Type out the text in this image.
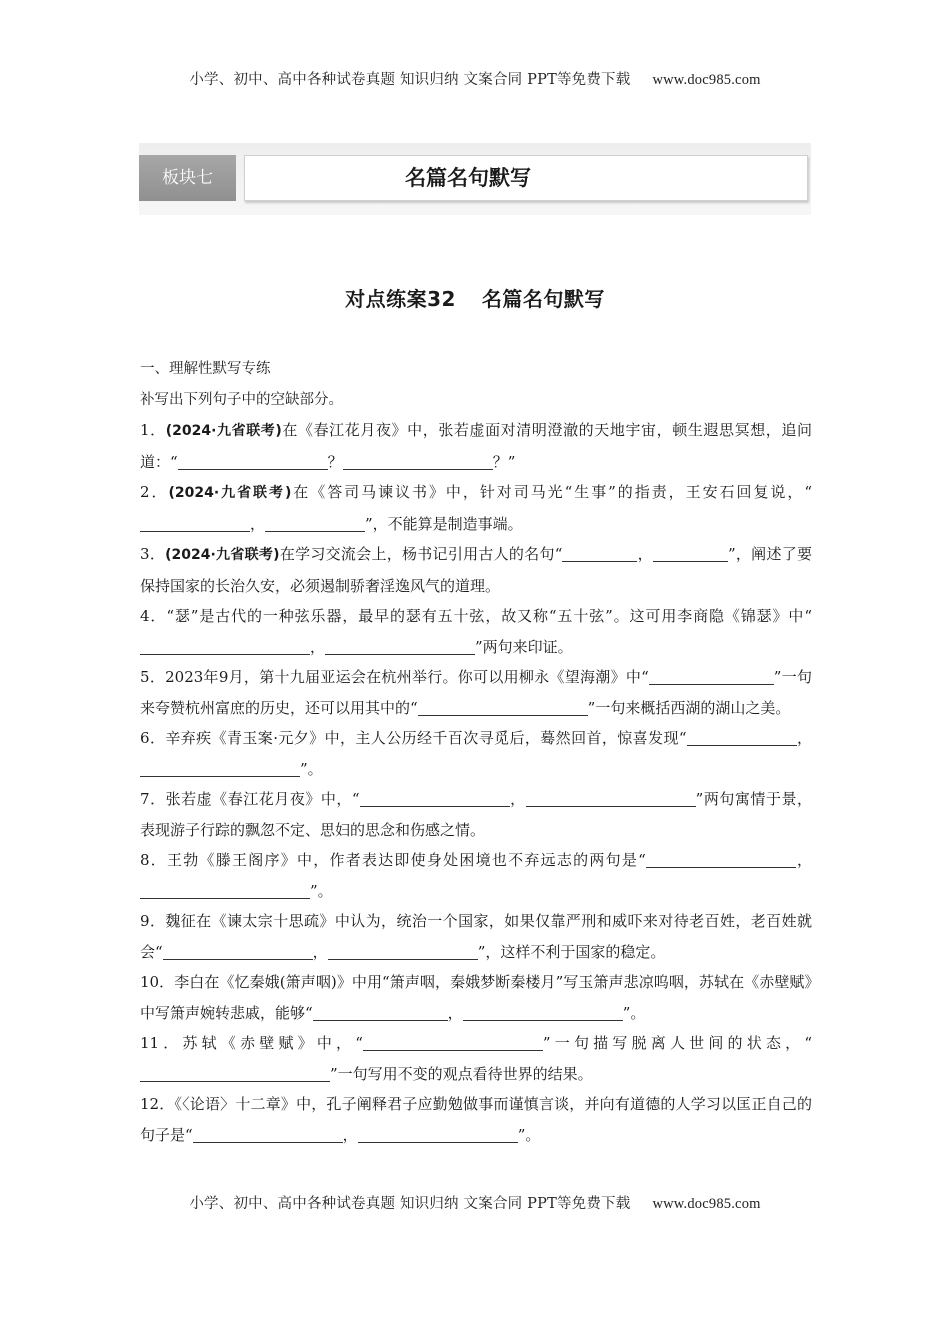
小学、初中、高中各种试卷真题 知识归纳 文案合同 PPT等免费下载 www.doc985.com
板块七	名篇名句默写
对点练案32 名篇名句默写

一、理解性默写专练

补写出下列句子中的空缺部分。

1．(2024·九省联考)在《春江花月夜》中，张若虚面对清明澄澈的天地宇宙，顿生遐思冥想，追问道：“	？	？”

2．(2024·九省联考)在《答司马谏议书》中，针对司马光“生事”的指责，王安石回复说，“，	”，不能算是制造事端。

3．(2024·九省联考)在学习交流会上，杨书记引用古人的名句“	，	”，阐述了要保持国家的长治久安，必须遏制骄奢淫逸风气的道理。

4．“瑟”是古代的一种弦乐器，最早的瑟有五十弦，故又称“五十弦”。这可用李商隐《锦瑟》中“，	”两句来印证。

5．2023年9月，第十九届亚运会在杭州举行。你可以用柳永《望海潮》中“	”一句来夸赞杭州富庶的历史，还可以用其中的“	”一句来概括西湖的湖山之美。

6．辛弃疾《青玉案·元夕》中，主人公历经千百次寻觅后，蓦然回首，惊喜发现“	，”。

7．张若虚《春江花月夜》中，“	，	”两句寓情于景，表现游子行踪的飘忽不定、思妇的思念和伤感之情。

8．王勃《滕王阁序》中，作者表达即使身处困境也不弃远志的两句是“	，”。

9．魏征在《谏太宗十思疏》中认为，统治一个国家，如果仅靠严刑和威吓来对待老百姓，老百姓就会“	，	”，这样不利于国家的稳定。

10．李白在《忆秦娥(箫声咽)》中用“箫声咽，秦娥梦断秦楼月”写玉箫声悲凉呜咽，苏轼在《赤壁赋》中写箫声婉转悲戚，能够“	，	”。

11．苏轼《赤壁赋》中，“	”一句描写脱离人世间的状态，“”一句写用不变的观点看待世界的结果。

12．《〈论语〉十二章》中，孔子阐释君子应勤勉做事而谨慎言谈，并向有道德的人学习以匡正自己的句子是“	，	”。

小学、初中、高中各种试卷真题 知识归纳 文案合同 PPT等免费下载 www.doc985.com
